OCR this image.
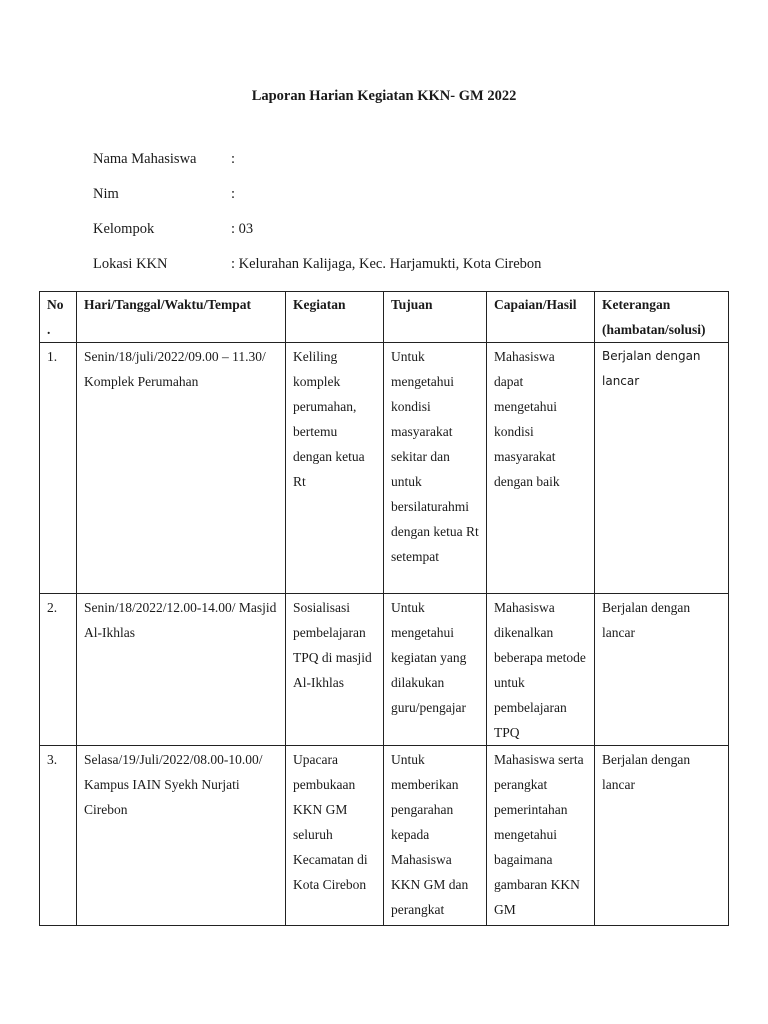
Laporan Harian Kegiatan KKN- GM 2022
Nama Mahasiswa	:
Nim	:
Kelompok	: 03
Lokasi KKN	: Kelurahan Kalijaga, Kec. Harjamukti, Kota Cirebon
No .	Hari/Tanggal/Waktu/Tempat	Kegiatan	Tujuan	Capaian/Hasil	Keterangan (hambatan/solusi)
1.	Senin/18/juli/2022/09.00 – 11.30/ Komplek Perumahan	Keliling komplek perumahan, bertemu dengan ketua Rt	Untuk mengetahui kondisi masyarakat sekitar dan untuk bersilaturahmi dengan ketua Rt setempat	Mahasiswa dapat mengetahui kondisi masyarakat dengan baik	Berjalan dengan lancar
2.	Senin/18/2022/12.00-14.00/ Masjid Al-Ikhlas	Sosialisasi pembelajaran TPQ di masjid Al-Ikhlas	Untuk mengetahui kegiatan yang dilakukan guru/pengajar	Mahasiswa dikenalkan beberapa metode untuk pembelajaran TPQ	Berjalan dengan lancar
3.	Selasa/19/Juli/2022/08.00-10.00/ Kampus IAIN Syekh Nurjati Cirebon	Upacara pembukaan KKN GM seluruh Kecamatan di Kota Cirebon	Untuk memberikan pengarahan kepada Mahasiswa KKN GM dan perangkat	Mahasiswa serta perangkat pemerintahan mengetahui bagaimana gambaran KKN GM	Berjalan dengan lancar
